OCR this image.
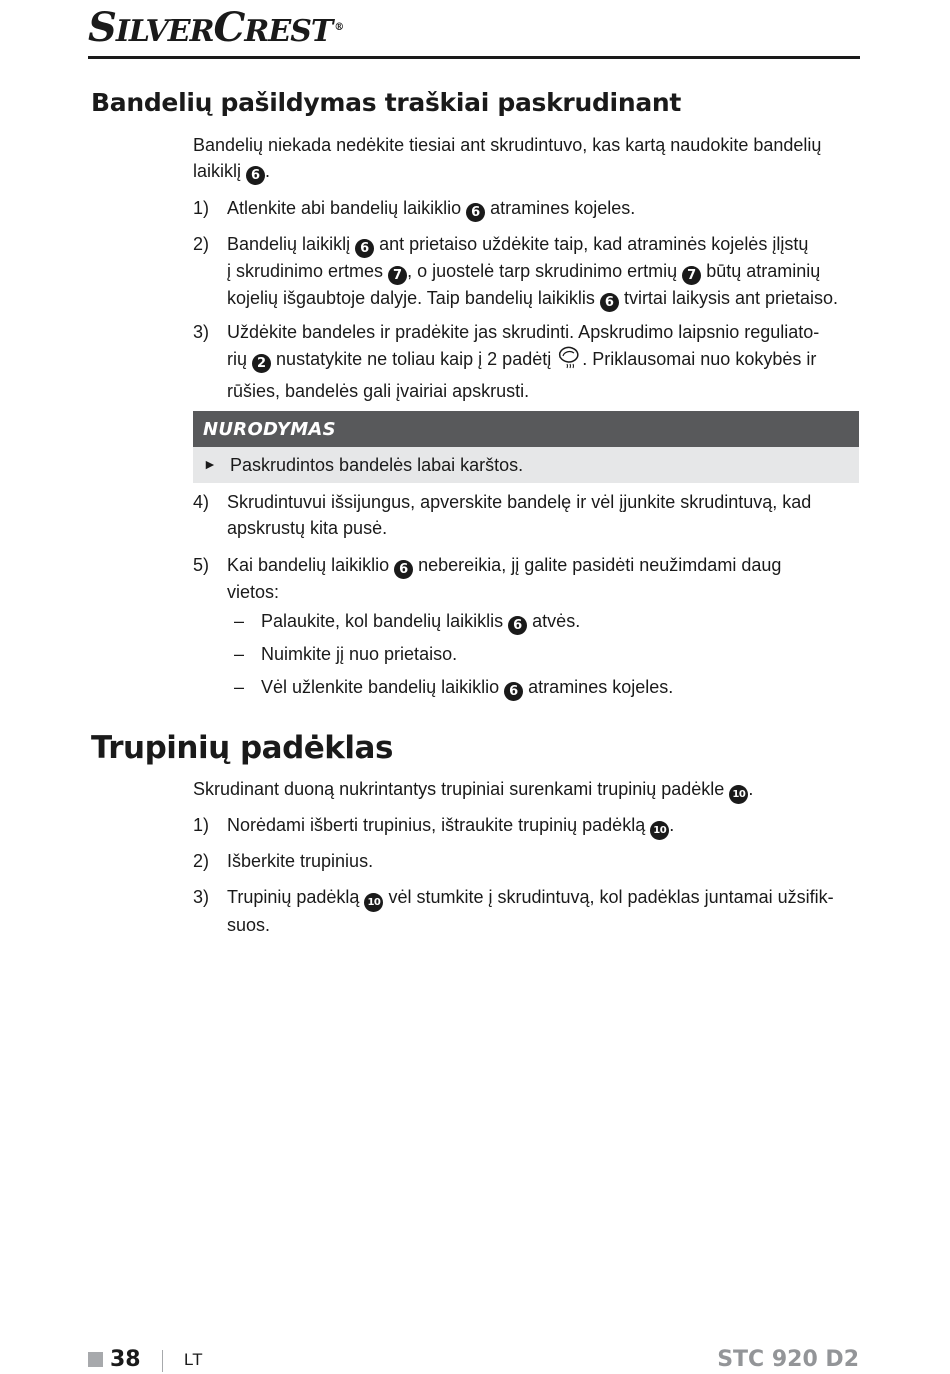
SILVERCREST ®
Bandelių pašildymas traškiai paskrudinant
Bandelių niekada nedėkite tiesiai ant skrudintuvo, kas kartą naudokite bandelių
laikiklį 6 .
1) Atlenkite abi bandelių laikiklio 6 atramines kojeles.
2) Bandelių laikiklį 6 ant prietaiso uždėkite taip, kad atraminės kojelės įlįstų
į skrudinimo ertmes 7 , o juostelė tarp skrudinimo ertmių 7 būtų atraminių
kojelių išgaubtoje dalyje. Taip bandelių laikiklis 6 tvirtai laikysis ant prietaiso.
3) Uždėkite bandeles ir pradėkite jas skrudinti. Apskrudimo laipsnio reguliato-
rių 2 nustatykite ne toliau kaip į 2 padėtį . Priklausomai nuo kokybės ir
rūšies, bandelės gali įvairiai apskrusti.
NURODYMAS
► Paskrudintos bandelės labai karštos.
4) Skrudintuvui išsijungus, apverskite bandelę ir vėl įjunkite skrudintuvą, kad
apskrustų kita pusė.
5) Kai bandelių laikiklio 6 nebereikia, jį galite pasidėti neužimdami daug
vietos:
– Palaukite, kol bandelių laikiklis 6 atvės.
– Nuimkite jį nuo prietaiso.
– Vėl užlenkite bandelių laikiklio 6 atramines kojeles.
Trupinių padėklas
Skrudinant duoną nukrintantys trupiniai surenkami trupinių padėkle 10 .
1) Norėdami išberti trupinius, ištraukite trupinių padėklą 10 .
2) Išberkite trupinius.
3) Trupinių padėklą 10 vėl stumkite į skrudintuvą, kol padėklas juntamai užsifik-
suos.
38	LT	STC 920 D2
